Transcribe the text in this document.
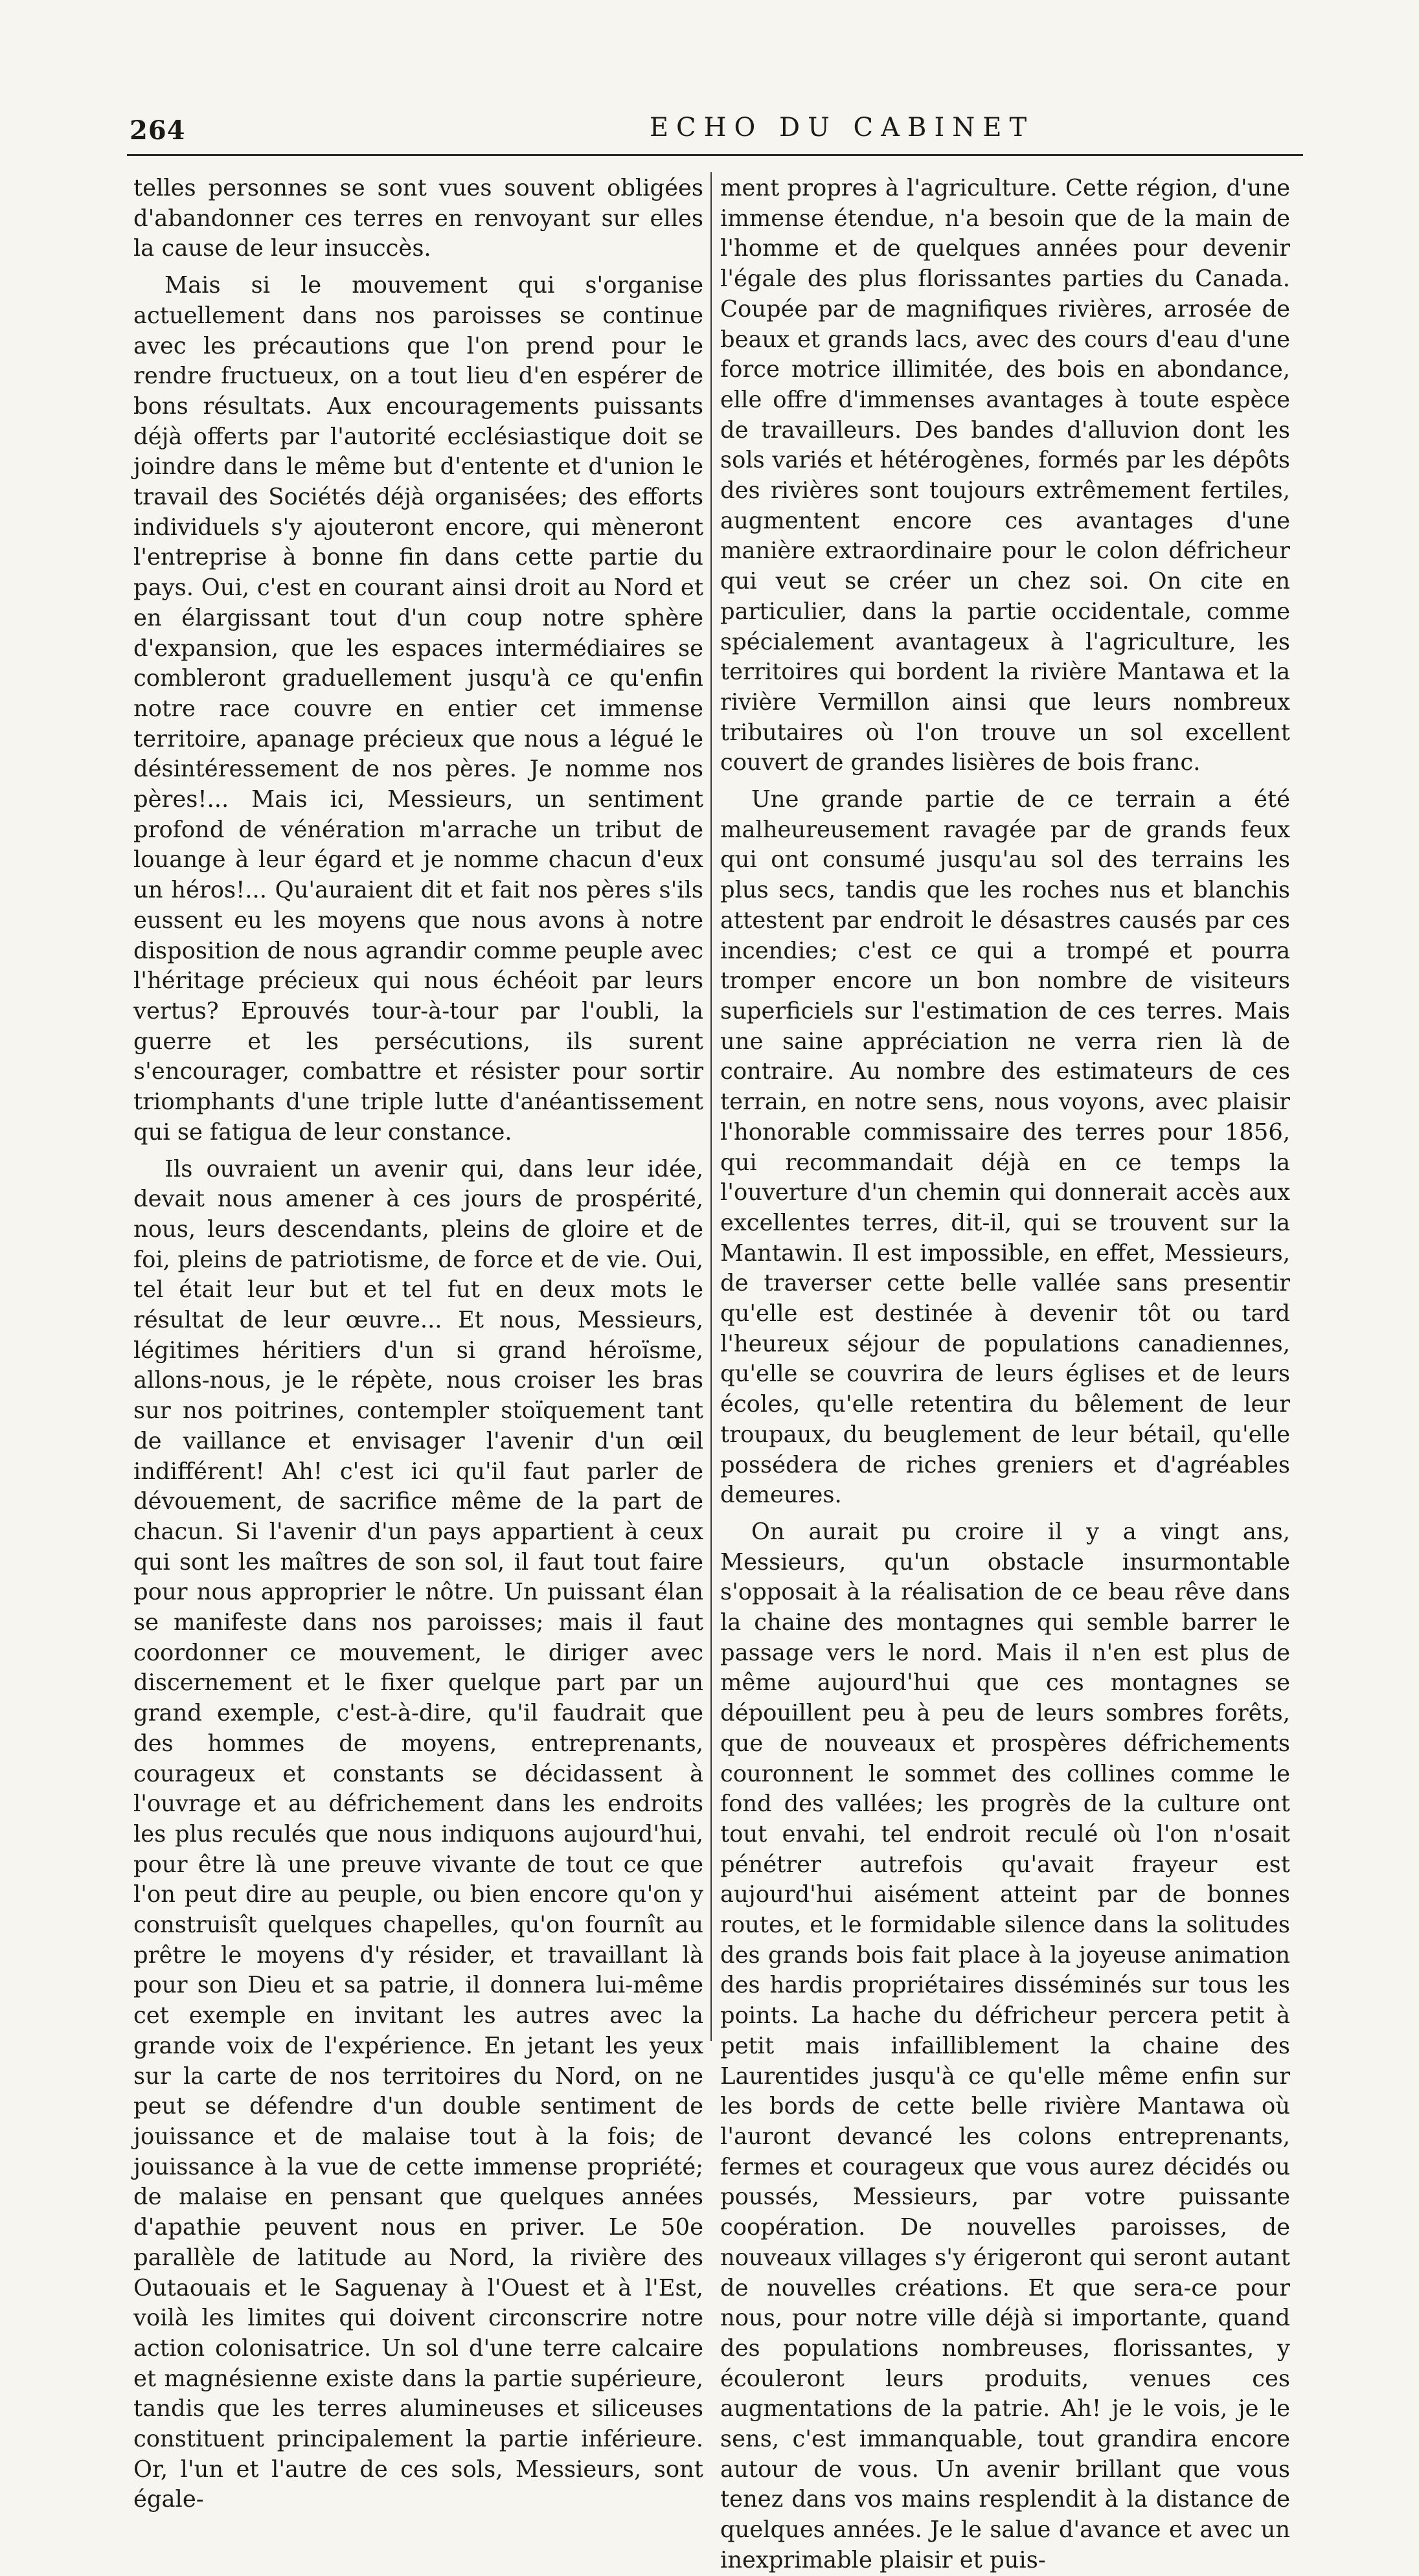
264	ECHO DU CABINET

telles personnes se sont vues souvent obligées d'abandonner ces terres en renvoyant sur elles la cause de leur insuccès.

Mais si le mouvement qui s'organise actuellement dans nos paroisses se continue avec les précautions que l'on prend pour le rendre fructueux, on a tout lieu d'en espérer de bons résultats. Aux encouragements puissants déjà offerts par l'autorité ecclésiastique doit se joindre dans le même but d'entente et d'union le travail des Sociétés déjà organisées; des efforts individuels s'y ajouteront encore, qui mèneront l'entreprise à bonne fin dans cette partie du pays. Oui, c'est en courant ainsi droit au Nord et en élargissant tout d'un coup notre sphère d'expansion, que les espaces intermédiaires se combleront graduellement jusqu'à ce qu'enfin notre race couvre en entier cet immense territoire, apanage précieux que nous a légué le désintéressement de nos pères. Je nomme nos pères!... Mais ici, Messieurs, un sentiment profond de vénération m'arrache un tribut de louange à leur égard et je nomme chacun d'eux un héros!... Qu'auraient dit et fait nos pères s'ils eussent eu les moyens que nous avons à notre disposition de nous agrandir comme peuple avec l'héritage précieux qui nous échéoit par leurs vertus? Eprouvés tour-à-tour par l'oubli, la guerre et les persécutions, ils surent s'encourager, combattre et résister pour sortir triomphants d'une triple lutte d'anéantissement qui se fatigua de leur constance.

Ils ouvraient un avenir qui, dans leur idée, devait nous amener à ces jours de prospérité, nous, leurs descendants, pleins de gloire et de foi, pleins de patriotisme, de force et de vie. Oui, tel était leur but et tel fut en deux mots le résultat de leur œuvre... Et nous, Messieurs, légitimes héritiers d'un si grand héroïsme, allons-nous, je le répète, nous croiser les bras sur nos poitrines, contempler stoïquement tant de vaillance et envisager l'avenir d'un œil indifférent! Ah! c'est ici qu'il faut parler de dévouement, de sacrifice même de la part de chacun. Si l'avenir d'un pays appartient à ceux qui sont les maîtres de son sol, il faut tout faire pour nous approprier le nôtre. Un puissant élan se manifeste dans nos paroisses; mais il faut coordonner ce mouvement, le diriger avec discernement et le fixer quelque part par un grand exemple, c'est-à-dire, qu'il faudrait que des hommes de moyens, entreprenants, courageux et constants se décidassent à l'ouvrage et au défrichement dans les endroits les plus reculés que nous indiquons aujourd'hui, pour être là une preuve vivante de tout ce que l'on peut dire au peuple, ou bien encore qu'on y construisît quelques chapelles, qu'on fournît au prêtre le moyens d'y résider, et travaillant là pour son Dieu et sa patrie, il donnera lui-même cet exemple en invitant les autres avec la grande voix de l'expérience. En jetant les yeux sur la carte de nos territoires du Nord, on ne peut se défendre d'un double sentiment de jouissance et de malaise tout à la fois; de jouissance à la vue de cette immense propriété; de malaise en pensant que quelques années d'apathie peuvent nous en priver. Le 50e parallèle de latitude au Nord, la rivière des Outaouais et le Saguenay à l'Ouest et à l'Est, voilà les limites qui doivent circonscrire notre action colonisatrice. Un sol d'une terre calcaire et magnésienne existe dans la partie supérieure, tandis que les terres alumineuses et siliceuses constituent principalement la partie inférieure. Or, l'un et l'autre de ces sols, Messieurs, sont égale-

ment propres à l'agriculture. Cette région, d'une immense étendue, n'a besoin que de la main de l'homme et de quelques années pour devenir l'égale des plus florissantes parties du Canada. Coupée par de magnifiques rivières, arrosée de beaux et grands lacs, avec des cours d'eau d'une force motrice illimitée, des bois en abondance, elle offre d'immenses avantages à toute espèce de travailleurs. Des bandes d'alluvion dont les sols variés et hétérogènes, formés par les dépôts des rivières sont toujours extrêmement fertiles, augmentent encore ces avantages d'une manière extraordinaire pour le colon défricheur qui veut se créer un chez soi. On cite en particulier, dans la partie occidentale, comme spécialement avantageux à l'agriculture, les territoires qui bordent la rivière Mantawa et la rivière Vermillon ainsi que leurs nombreux tributaires où l'on trouve un sol excellent couvert de grandes lisières de bois franc.

Une grande partie de ce terrain a été malheureusement ravagée par de grands feux qui ont consumé jusqu'au sol des terrains les plus secs, tandis que les roches nus et blanchis attestent par endroit le désastres causés par ces incendies; c'est ce qui a trompé et pourra tromper encore un bon nombre de visiteurs superficiels sur l'estimation de ces terres. Mais une saine appréciation ne verra rien là de contraire. Au nombre des estimateurs de ces terrain, en notre sens, nous voyons, avec plaisir l'honorable commissaire des terres pour 1856, qui recommandait déjà en ce temps la l'ouverture d'un chemin qui donnerait accès aux excellentes terres, dit-il, qui se trouvent sur la Mantawin. Il est impossible, en effet, Messieurs, de traverser cette belle vallée sans presentir qu'elle est destinée à devenir tôt ou tard l'heureux séjour de populations canadiennes, qu'elle se couvrira de leurs églises et de leurs écoles, qu'elle retentira du bêlement de leur troupaux, du beuglement de leur bétail, qu'elle possédera de riches greniers et d'agréables demeures.

On aurait pu croire il y a vingt ans, Messieurs, qu'un obstacle insurmontable s'opposait à la réalisation de ce beau rêve dans la chaine des montagnes qui semble barrer le passage vers le nord. Mais il n'en est plus de même aujourd'hui que ces montagnes se dépouillent peu à peu de leurs sombres forêts, que de nouveaux et prospères défrichements couronnent le sommet des collines comme le fond des vallées; les progrès de la culture ont tout envahi, tel endroit reculé où l'on n'osait pénétrer autrefois qu'avait frayeur est aujourd'hui aisément atteint par de bonnes routes, et le formidable silence dans la solitudes des grands bois fait place à la joyeuse animation des hardis propriétaires disséminés sur tous les points. La hache du défricheur percera petit à petit mais infailliblement la chaine des Laurentides jusqu'à ce qu'elle même enfin sur les bords de cette belle rivière Mantawa où l'auront devancé les colons entreprenants, fermes et courageux que vous aurez décidés ou poussés, Messieurs, par votre puissante coopération. De nouvelles paroisses, de nouveaux villages s'y érigeront qui seront autant de nouvelles créations. Et que sera-ce pour nous, pour notre ville déjà si importante, quand des populations nombreuses, florissantes, y écouleront leurs produits, venues ces augmentations de la patrie. Ah! je le vois, je le sens, c'est immanquable, tout grandira encore autour de vous. Un avenir brillant que vous tenez dans vos mains resplendit à la distance de quelques années. Je le salue d'avance et avec un inexprimable plaisir et puis-
